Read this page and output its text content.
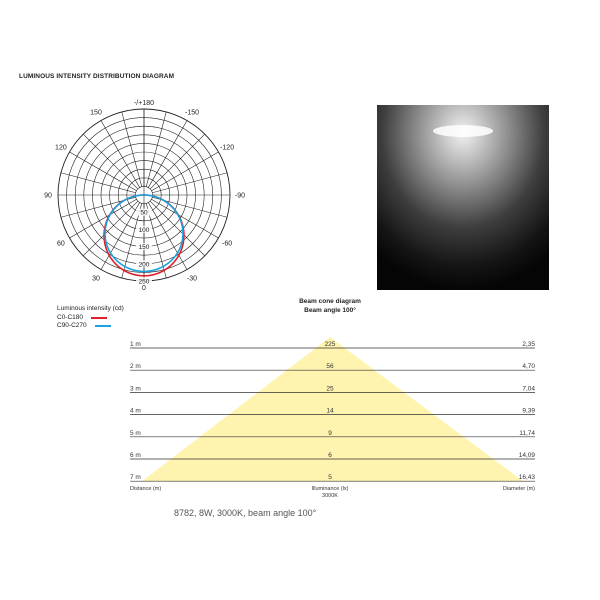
LUMINOUS INTENSITY DISTRIBUTION DIAGRAM
-/+180
150
120
90
60
30
0
-30
-60
-90
-120
-150
50
100
150
200
250
Luminous intensity (cd)
C0-C180
C90-C270
Beam cone diagram
Beam angle 100°
1 m	225	2,35
2 m	56	4,70
3 m	25	7,04
4 m	14	9,39
5 m	9	11,74
6 m	6	14,09
7 m	5	16,43
Distance (m)	Illuminance (lx)
3000K
Diameter (m)
8782, 8W, 3000K, beam angle 100°
